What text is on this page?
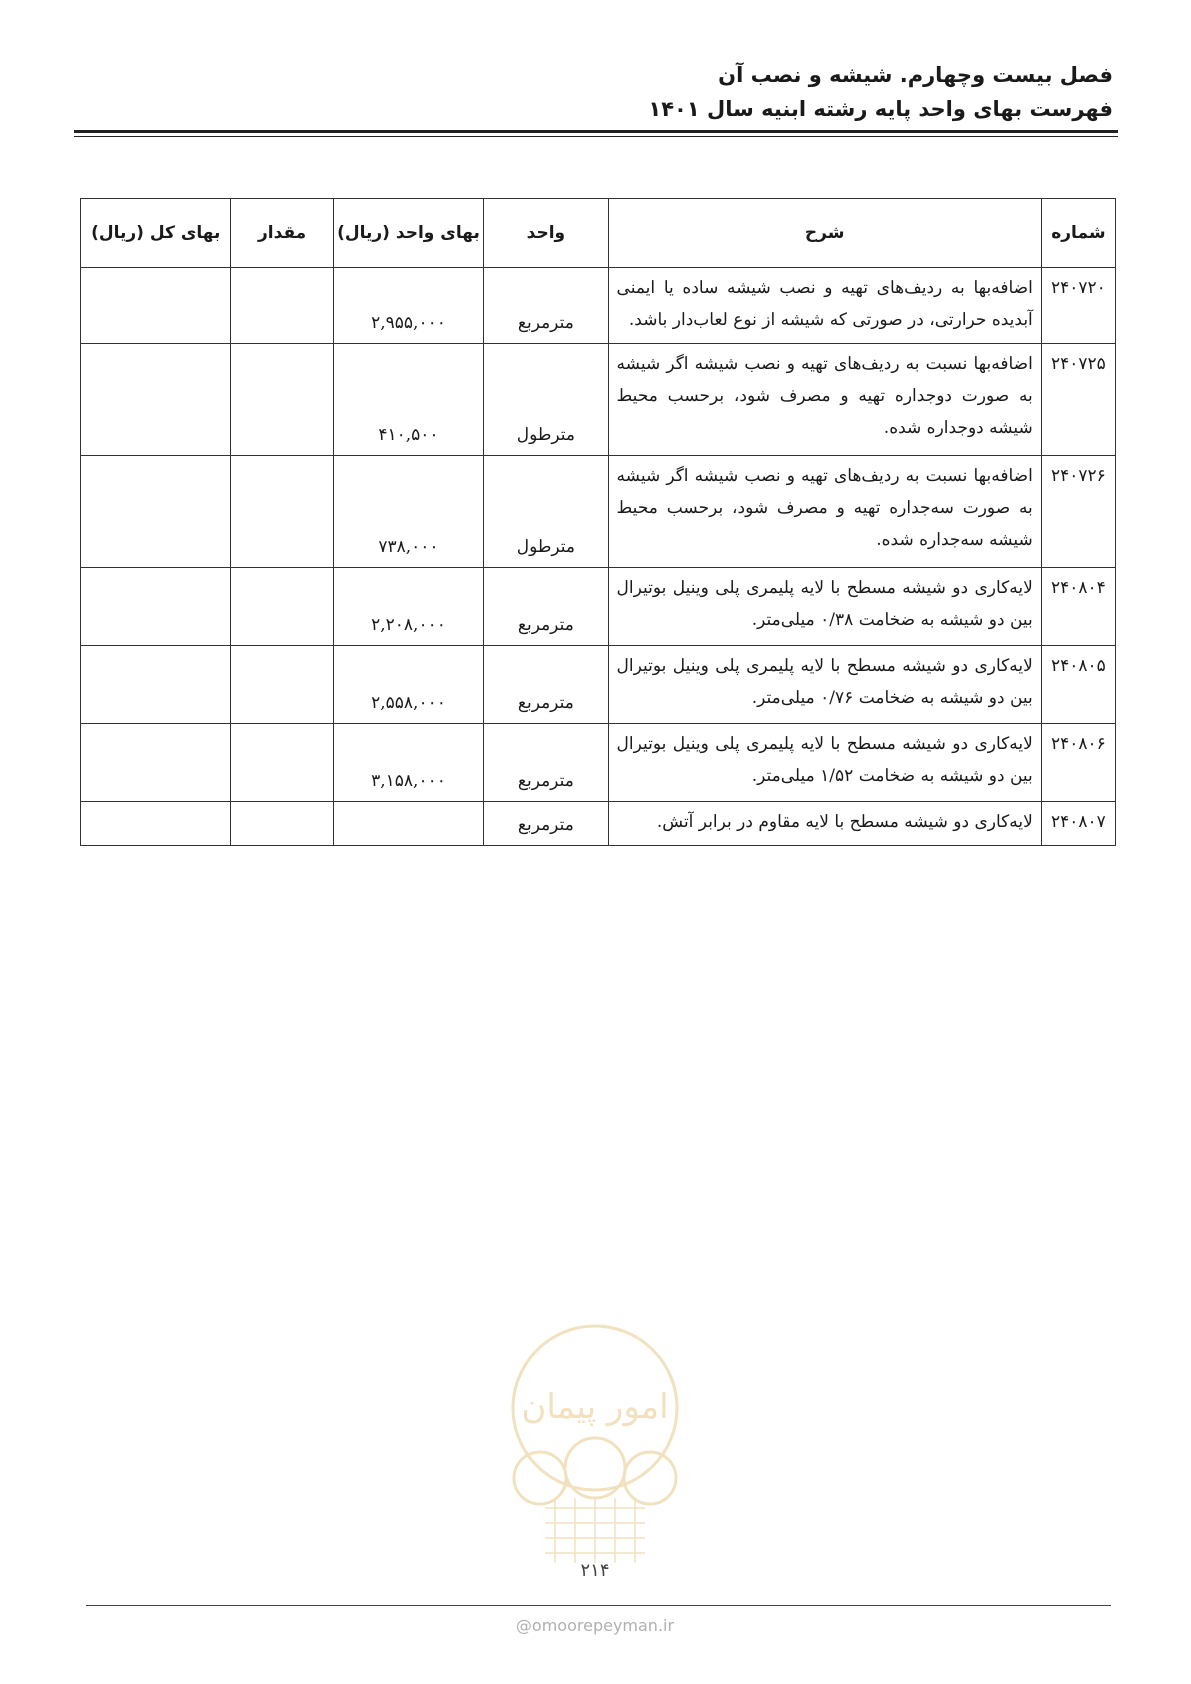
فصل بیست وچهارم. شیشه و نصب آن
فهرست بهای واحد پایه رشته ابنیه سال ۱۴۰۱
شماره	شرح	واحد	بهای واحد (ریال)	مقدار	بهای کل (ریال)
۲۴۰۷۲۰	اضافه‌بها به ردیف‌های تهیه و نصب شیشه ساده یا ایمنی آبدیده حرارتی، در صورتی که شیشه از نوع لعاب‌دار باشد.	مترمربع	۲,۹۵۵,۰۰۰		
۲۴۰۷۲۵	اضافه‌بها نسبت به ردیف‌های تهیه و نصب شیشه اگر شیشه به صورت دوجداره تهیه و مصرف شود، برحسب محیط شیشه دوجداره شده.	مترطول	۴۱۰,۵۰۰		
۲۴۰۷۲۶	اضافه‌بها نسبت به ردیف‌های تهیه و نصب شیشه اگر شیشه به صورت سه‌جداره تهیه و مصرف شود، برحسب محیط شیشه سه‌جداره شده.	مترطول	۷۳۸,۰۰۰		
۲۴۰۸۰۴	لایه‌کاری دو شیشه مسطح با لایه پلیمری پلی وینیل بوتیرال بین دو شیشه به ضخامت ۰/۳۸ میلی‌متر.	مترمربع	۲,۲۰۸,۰۰۰		
۲۴۰۸۰۵	لایه‌کاری دو شیشه مسطح با لایه پلیمری پلی وینیل بوتیرال بین دو شیشه به ضخامت ۰/۷۶ میلی‌متر.	مترمربع	۲,۵۵۸,۰۰۰		
۲۴۰۸۰۶	لایه‌کاری دو شیشه مسطح با لایه پلیمری پلی وینیل بوتیرال بین دو شیشه به ضخامت ۱/۵۲ میلی‌متر.	مترمربع	۳,۱۵۸,۰۰۰		
۲۴۰۸۰۷	لایه‌کاری دو شیشه مسطح با لایه مقاوم در برابر آتش.	مترمربع			
امور پیمان
۲۱۴
@omoorepeyman.ir
